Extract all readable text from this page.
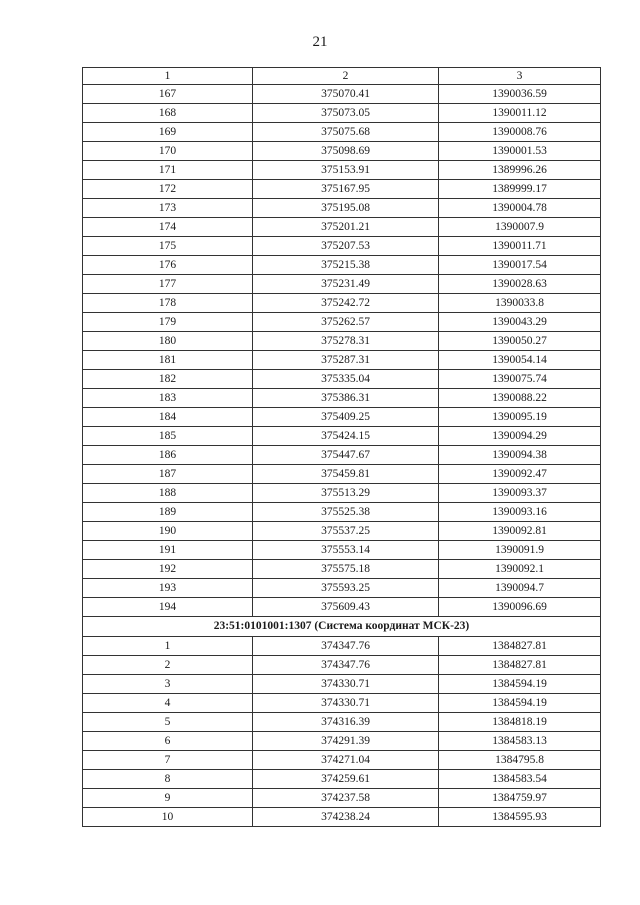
21
1	2	3
167	375070.41	1390036.59
168	375073.05	1390011.12
169	375075.68	1390008.76
170	375098.69	1390001.53
171	375153.91	1389996.26
172	375167.95	1389999.17
173	375195.08	1390004.78
174	375201.21	1390007.9
175	375207.53	1390011.71
176	375215.38	1390017.54
177	375231.49	1390028.63
178	375242.72	1390033.8
179	375262.57	1390043.29
180	375278.31	1390050.27
181	375287.31	1390054.14
182	375335.04	1390075.74
183	375386.31	1390088.22
184	375409.25	1390095.19
185	375424.15	1390094.29
186	375447.67	1390094.38
187	375459.81	1390092.47
188	375513.29	1390093.37
189	375525.38	1390093.16
190	375537.25	1390092.81
191	375553.14	1390091.9
192	375575.18	1390092.1
193	375593.25	1390094.7
194	375609.43	1390096.69
23:51:0101001:1307 (Система координат МСК-23)		
1	374347.76	1384827.81
2	374347.76	1384827.81
3	374330.71	1384594.19
4	374330.71	1384594.19
5	374316.39	1384818.19
6	374291.39	1384583.13
7	374271.04	1384795.8
8	374259.61	1384583.54
9	374237.58	1384759.97
10	374238.24	1384595.93
